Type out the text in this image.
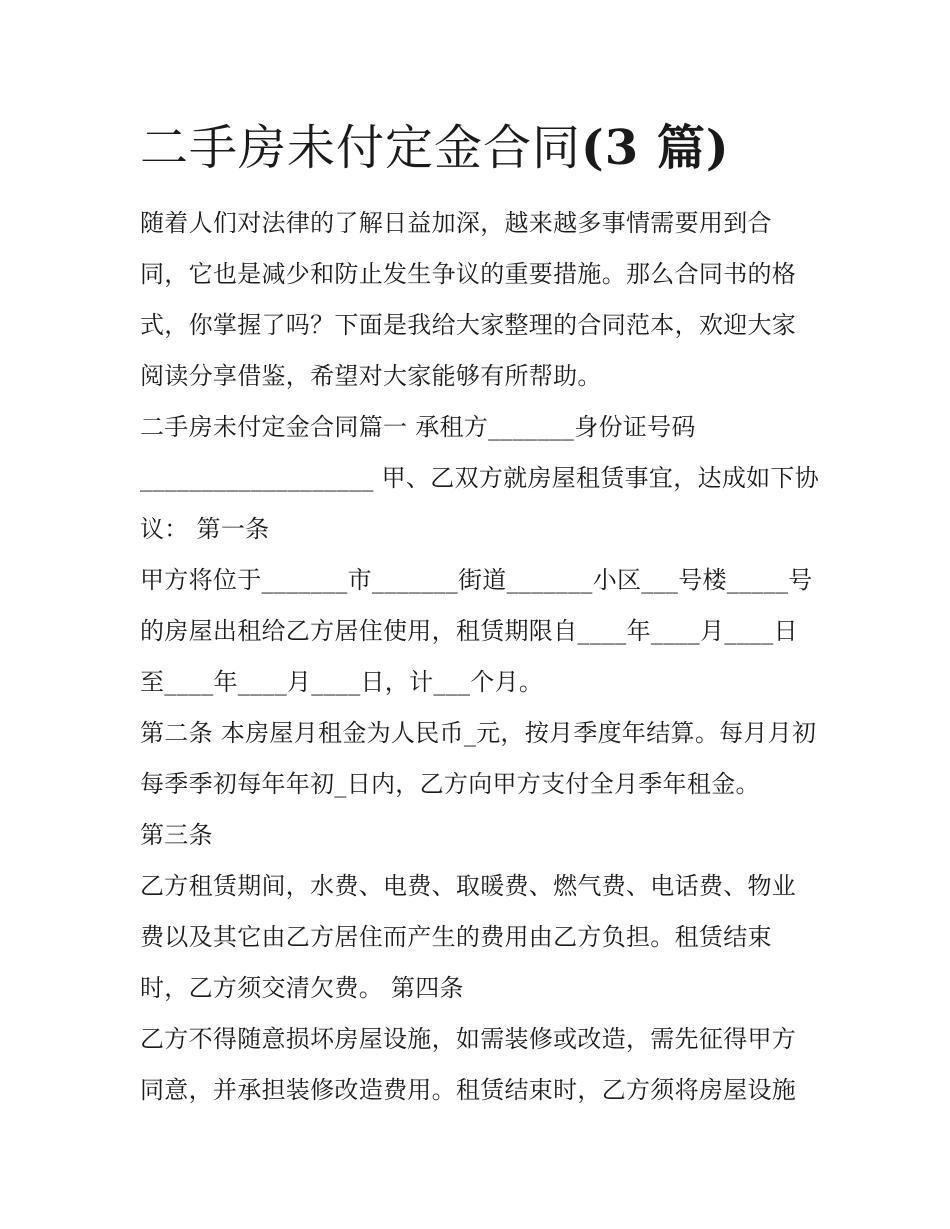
二手房未付定金合同(3 篇)

随着人们对法律的了解日益加深，越来越多事情需要用到合同，它也是减少和防止发生争议的重要措施。那么合同书的格式，你掌握了吗？下面是我给大家整理的合同范本，欢迎大家阅读分享借鉴，希望对大家能够有所帮助。

二手房未付定金合同篇一 承租方_______身份证号码___________________ 甲、乙双方就房屋租赁事宜，达成如下协议： 第一条

甲方将位于_______市_______街道_______小区___号楼_____号的房屋出租给乙方居住使用，租赁期限自____年____月____日至____年____月____日，计___个月。

第二条 本房屋月租金为人民币_元，按月季度年结算。每月月初每季季初每年年初_日内，乙方向甲方支付全月季年租金。

第三条

乙方租赁期间，水费、电费、取暖费、燃气费、电话费、物业费以及其它由乙方居住而产生的费用由乙方负担。租赁结束时，乙方须交清欠费。 第四条

乙方不得随意损坏房屋设施，如需装修或改造，需先征得甲方同意，并承担装修改造费用。租赁结束时，乙方须将房屋设施
